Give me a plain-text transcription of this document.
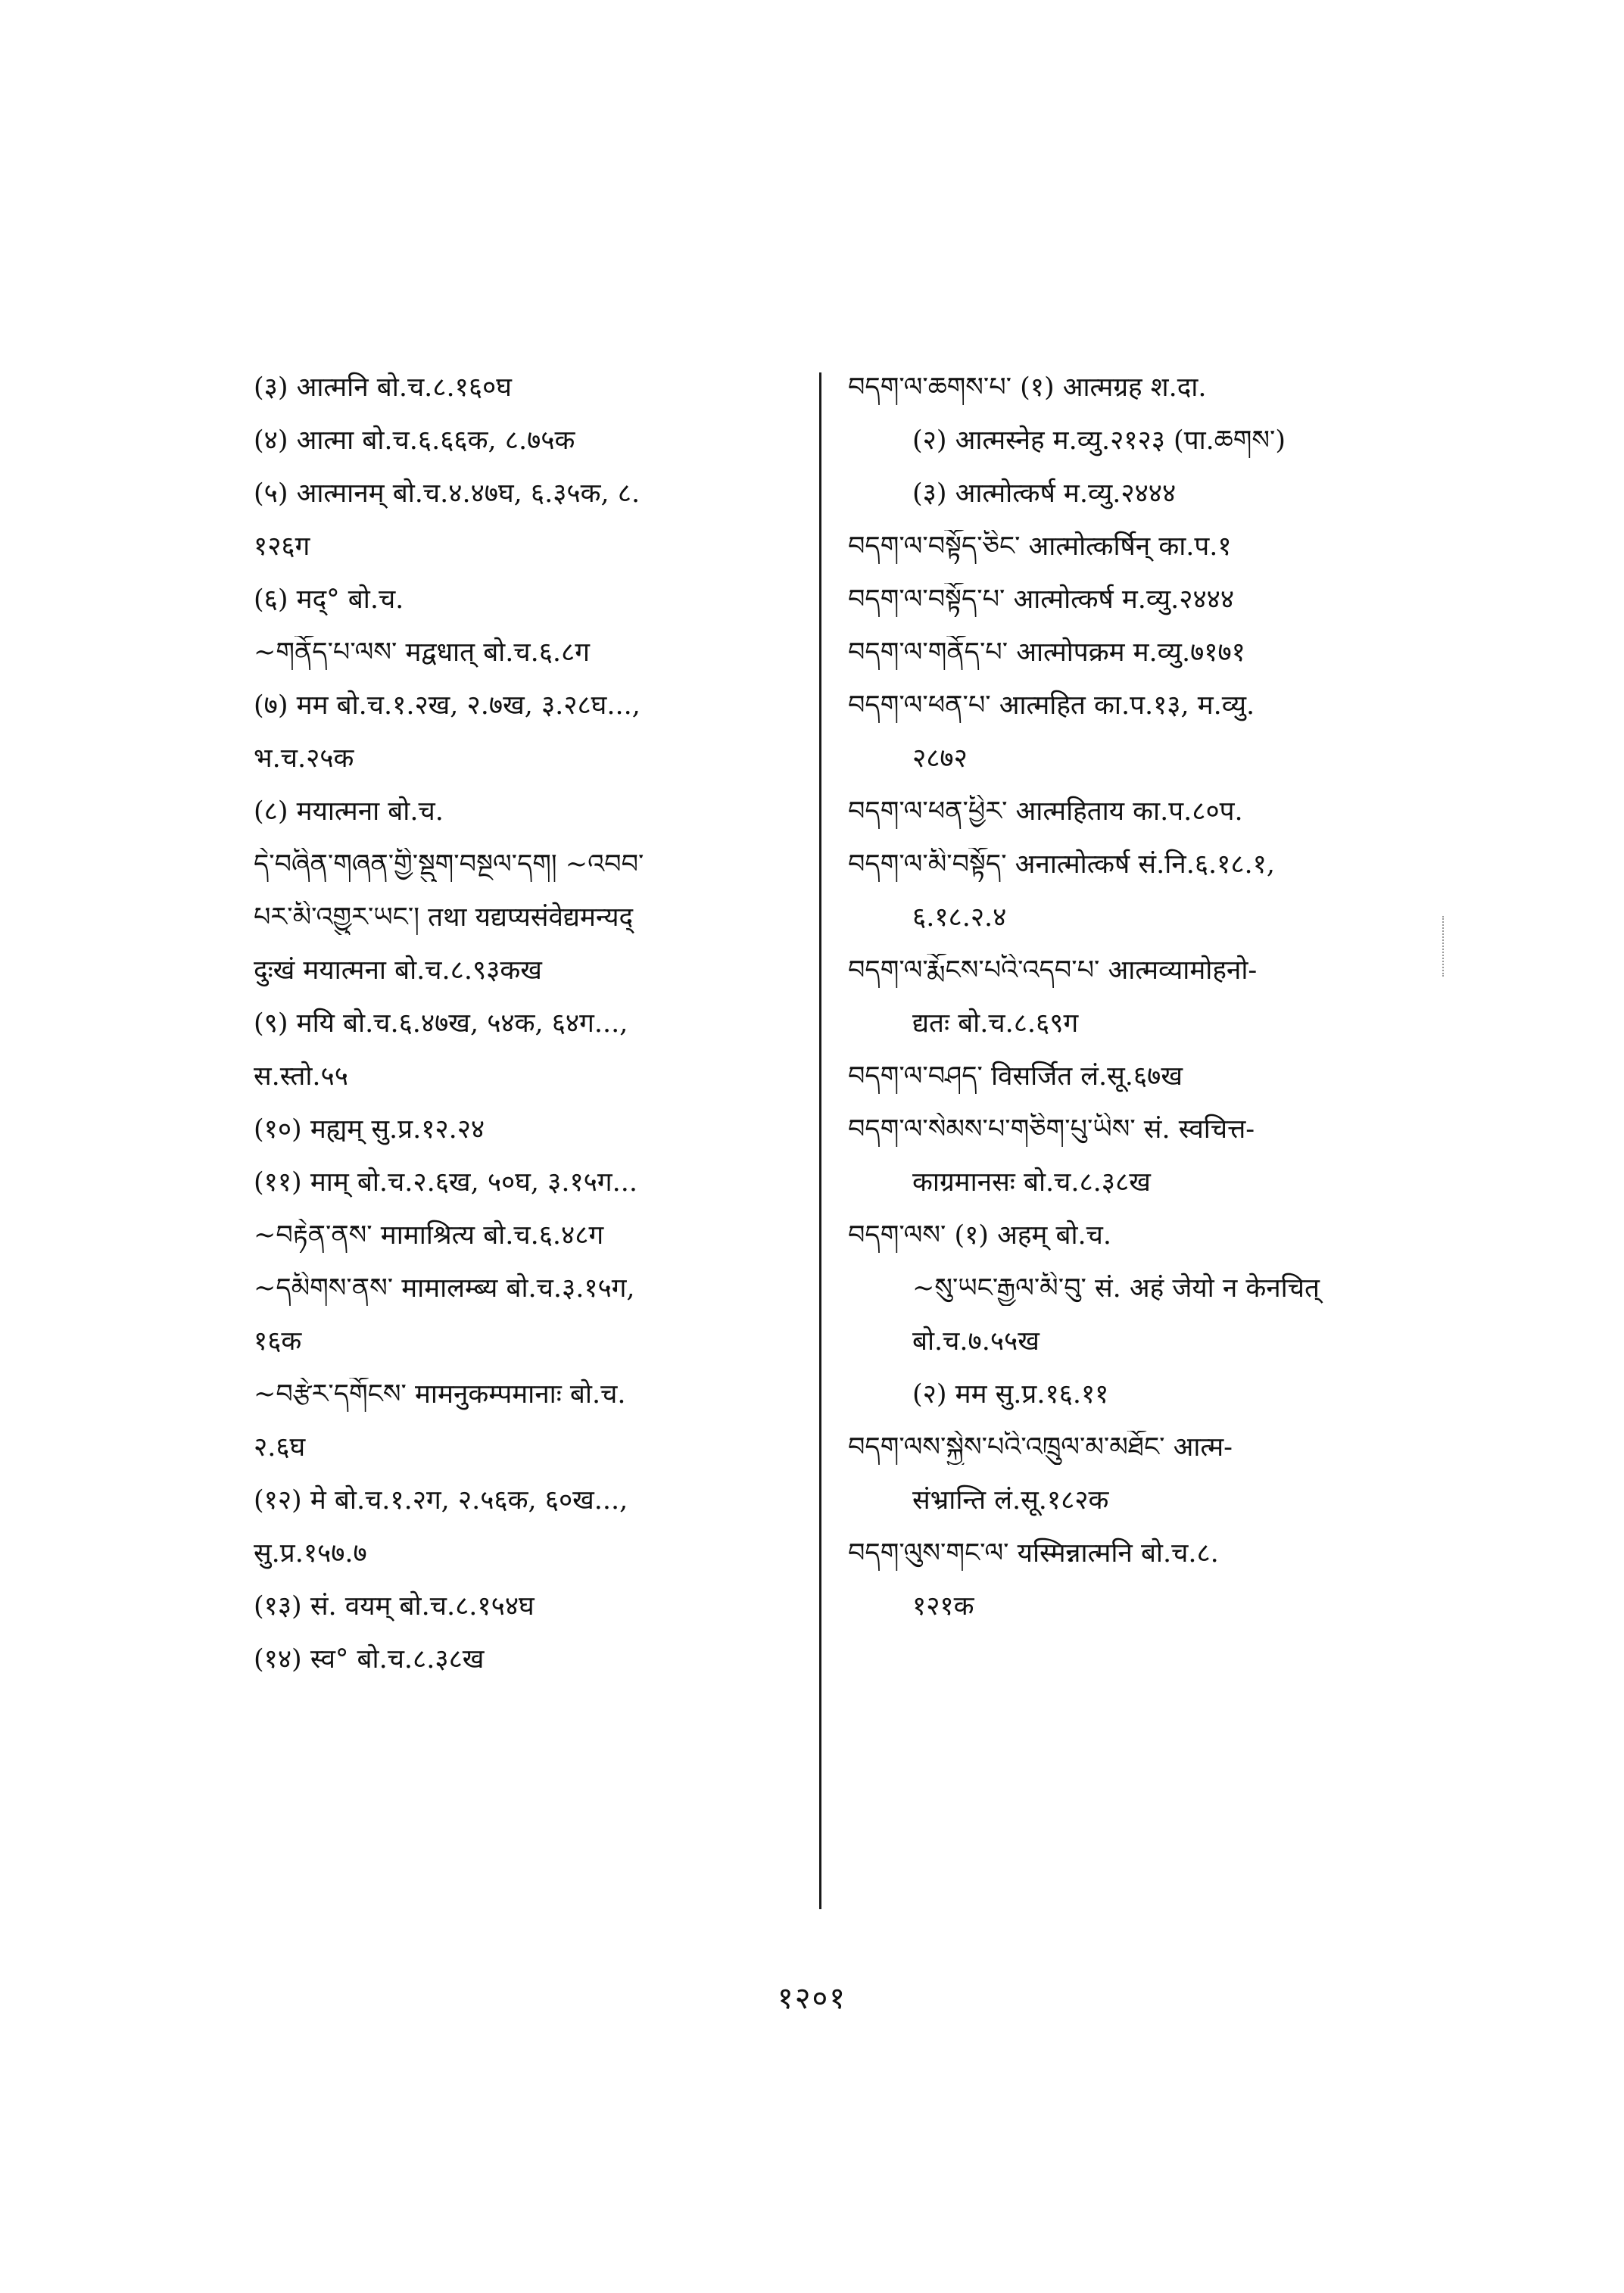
(३) आत्मनि बो.च.८.१६०घ
(४) आत्मा बो.च.६.६६क, ८.७५क
(५) आत्मानम् बो.च.४.४७घ, ६.३५क, ८.
१२६ग
(६) मद्° बो.च.
~གནོད་པ་ལས་ मद्वधात् बो.च.६.८ग
(७) मम बो.च.१.२ख, २.७ख, ३.२८घ...,
भ.च.२५क
(८) मयात्मना बो.च.
དེ་བཞིན་གཞན་གྱི་སྡུག་བསྔལ་དག། ~འབབ་
པར་མི་འགྱུར་ཡང་། तथा यद्यप्यसंवेद्यमन्यद्
दुःखं मयात्मना बो.च.८.९३कख
(९) मयि बो.च.६.४७ख, ५४क, ६४ग...,
स.स्तो.५५
(१०) मह्यम् सु.प्र.१२.२४
(११) माम् बो.च.२.६ख, ५०घ, ३.१५ग...
~བརྟེན་ནས་ मामाश्रित्य बो.च.६.४८ग
~དམིགས་ནས་ मामालम्ब्य बो.च.३.१५ग,
१६क
~བརྩེར་དགོངས་ मामनुकम्पमानाः बो.च.
२.६घ
(१२) मे बो.च.१.२ग, २.५६क, ६०ख...,
सु.प्र.१५७.७
(१३) सं. वयम् बो.च.८.१५४घ
(१४) स्व° बो.च.८.३८ख
བདག་ལ་ཆགས་པ་ (१) आत्मग्रह श.दा.
(२) आत्मस्नेह म.व्यु.२१२३ (पा.ཆགས་)
(३) आत्मोत्कर्ष म.व्यु.२४४४
བདག་ལ་བསྟོད་ཅིང་ आत्मोत्कर्षिन् का.प.१
བདག་ལ་བསྟོད་པ་ आत्मोत्कर्ष म.व्यु.२४४४
བདག་ལ་གནོད་པ་ आत्मोपक्रम म.व्यु.७१७१
བདག་ལ་ཕན་པ་ आत्महित का.प.१३, म.व्यु.
२८७२
བདག་ལ་ཕན་ཕྱིར་ आत्महिताय का.प.८०प.
བདག་ལ་མི་བསྟོད་ अनात्मोत्कर्ष सं.नि.६.१८.१,
६.१८.२.४
བདག་ལ་རྨོངས་པའི་འདབ་པ་ आत्मव्यामोहनो-
द्यतः बो.च.८.६९ग
བདག་ལ་བཤད་ विसर्जित लं.सू.६७ख
བདག་ལ་སེམས་པ་གཅིག་པུ་ཡིས་ सं. स्वचित्त-
काग्रमानसः बो.च.८.३८ख
བདག་ལས་ (१) अहम् बो.च.
~སུ་ཡང་རྒྱལ་མི་བུ་ सं. अहं जेयो न केनचित्
बो.च.७.५५ख
(२) मम सु.प्र.१६.११
བདག་ལས་སྐྱེས་པའི་འཁྲུལ་མ་མཐོང་ आत्म-
संभ्रान्ति लं.सू.१८२क
བདག་ལུས་གང་ལ་ यस्मिन्नात्मनि बो.च.८.
१२१क
१२०१
